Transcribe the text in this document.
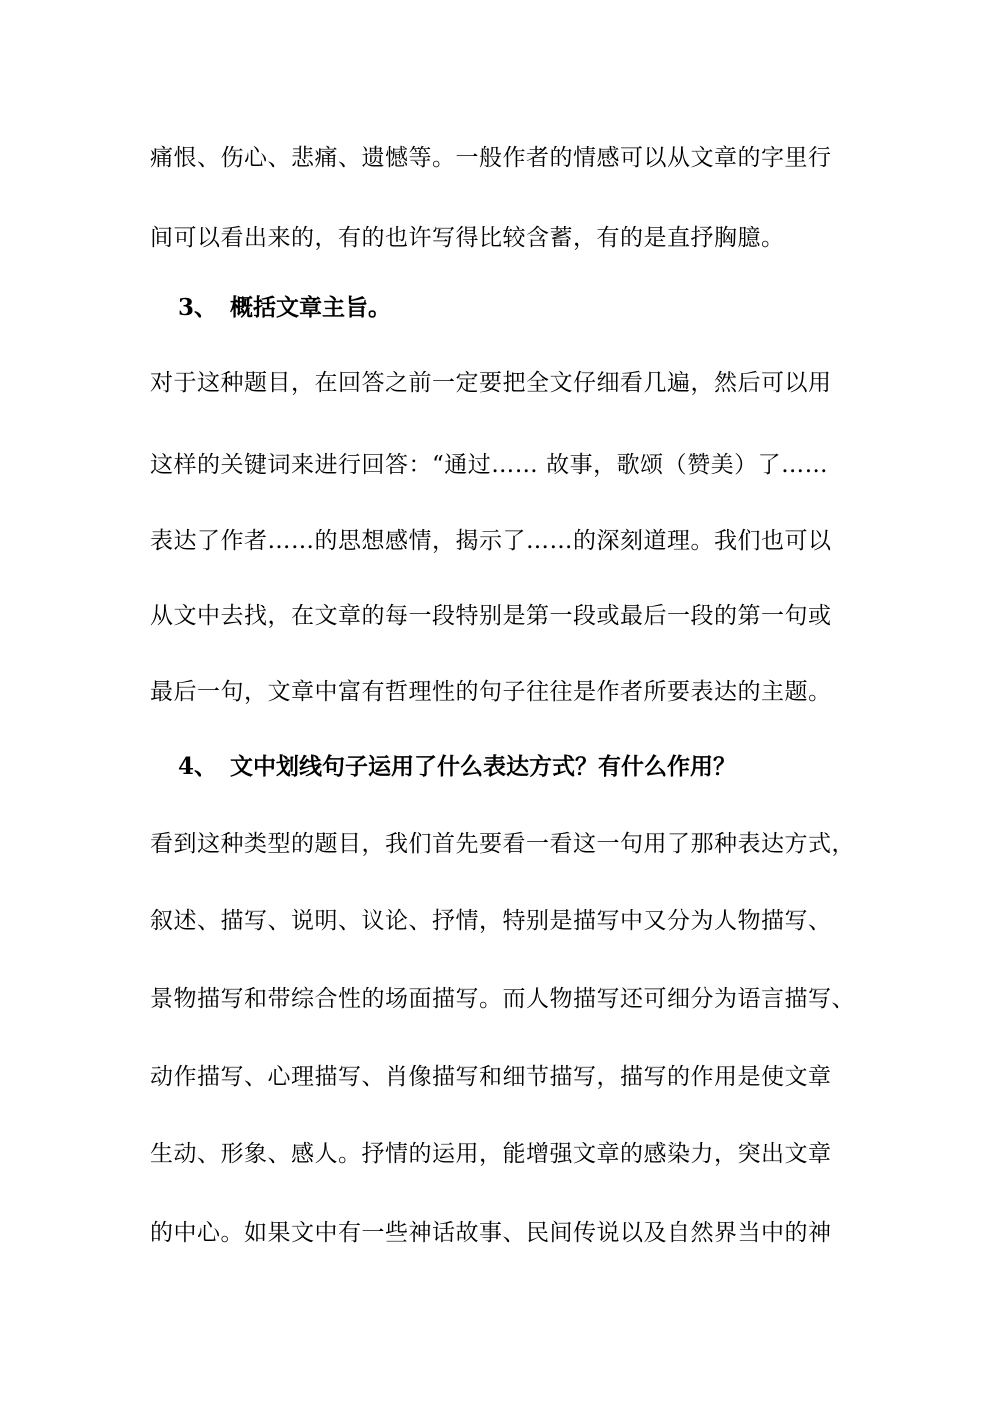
痛恨、伤心、悲痛、遗憾等。一般作者的情感可以从文章的字里行
间可以看出来的，有的也许写得比较含蓄，有的是直抒胸臆。
3、 概括文章主旨。
对于这种题目，在回答之前一定要把全文仔细看几遍，然后可以用
这样的关键词来进行回答：“通过…… 故事，歌颂（赞美）了……
表达了作者……的思想感情，揭示了……的深刻道理。我们也可以
从文中去找，在文章的每一段特别是第一段或最后一段的第一句或
最后一句，文章中富有哲理性的句子往往是作者所要表达的主题。
4、 文中划线句子运用了什么表达方式？有什么作用？
看到这种类型的题目，我们首先要看一看这一句用了那种表达方式，
叙述、描写、说明、议论、抒情，特别是描写中又分为人物描写、
景物描写和带综合性的场面描写。而人物描写还可细分为语言描写、
动作描写、心理描写、肖像描写和细节描写，描写的作用是使文章
生动、形象、感人。抒情的运用，能增强文章的感染力，突出文章
的中心。如果文中有一些神话故事、民间传说以及自然界当中的神
